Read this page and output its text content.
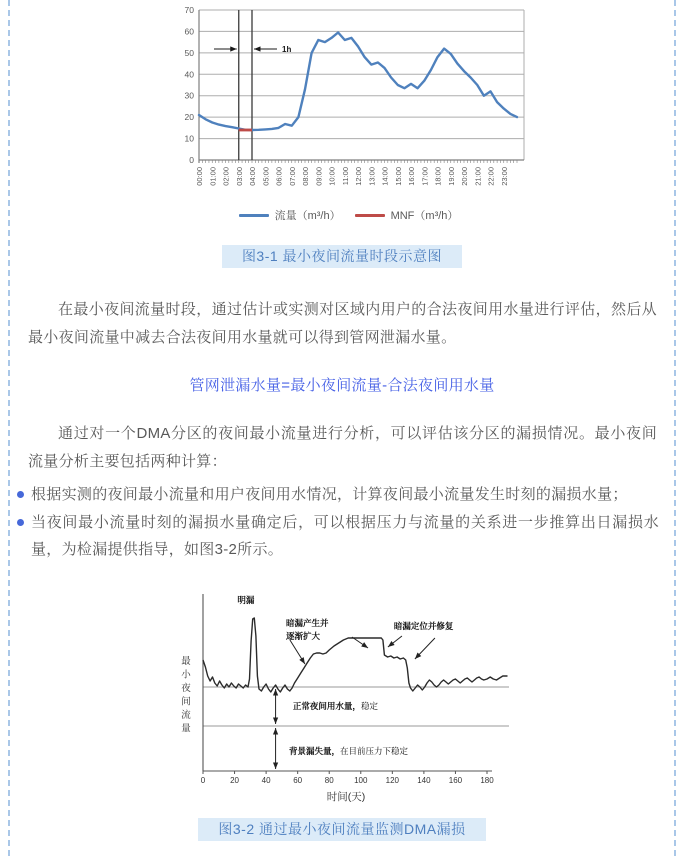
0
10
20
30
40
50
60
70
00:00 01:00 02:00 03:00 04:00 05:00 06:00 07:00 08:00 09:00 10:00 11:00 12:00 13:00 14:00 15:00 16:00 17:00 18:00 19:00 20:00 21:00 22:00 23:00
1h
流量（m³/h）	MNF（m³/h）
图3-1 最小夜间流量时段示意图

在最小夜间流量时段，通过估计或实测对区域内用户的合法夜间用水量进行评估，然后从最小夜间流量中减去合法夜间用水量就可以得到管网泄漏水量。

管网泄漏水量=最小夜间流量-合法夜间用水量

通过对一个DMA分区的夜间最小流量进行分析，可以评估该分区的漏损情况。最小夜间流量分析主要包括两种计算：

根据实测的夜间最小流量和用户夜间用水情况，计算夜间最小流量发生时刻的漏损水量；
当夜间最小流量时刻的漏损水量确定后，可以根据压力与流量的关系进一步推算出日漏损水量，为检漏提供指导，如图3-2所示。
0	20	40	60	80	100 120 140 160 180
时间(天)
最小夜间流量
明漏
暗漏产生并逐渐扩大
暗漏定位并修复
正常夜间用水量，稳定
背景漏失量，在目前压力下稳定
图3-2 通过最小夜间流量监测DMA漏损
